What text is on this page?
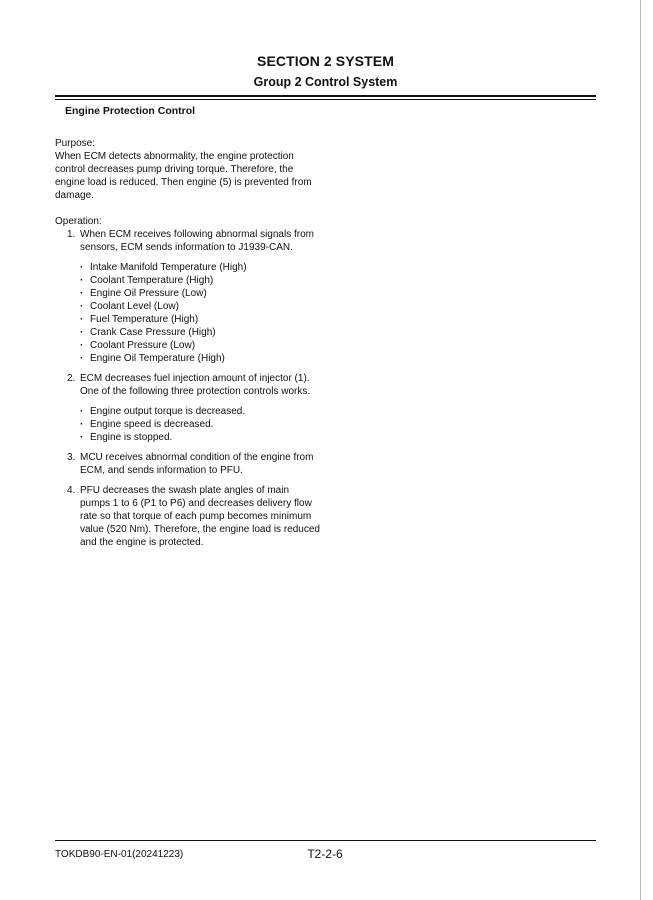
SECTION 2 SYSTEM
Group 2 Control System
Engine Protection Control

Purpose:

When ECM detects abnormality, the engine protection control decreases pump driving torque. Therefore, the engine load is reduced. Then engine (5) is prevented from damage.

Operation:

1. When ECM receives following abnormal signals from sensors, ECM sends information to J1939-CAN.
· Intake Manifold Temperature (High)
· Coolant Temperature (High)
· Engine Oil Pressure (Low)
· Coolant Level (Low)
· Fuel Temperature (High)
· Crank Case Pressure (High)
· Coolant Pressure (Low)
· Engine Oil Temperature (High)
2. ECM decreases fuel injection amount of injector (1). One of the following three protection controls works.
· Engine output torque is decreased.
· Engine speed is decreased.
· Engine is stopped.
3. MCU receives abnormal condition of the engine from ECM, and sends information to PFU.
4. PFU decreases the swash plate angles of main pumps 1 to 6 (P1 to P6) and decreases delivery flow rate so that torque of each pump becomes minimum value (520 Nm). Therefore, the engine load is reduced and the engine is protected.
TOKDB90-EN-01(20241223)	T2-2-6
